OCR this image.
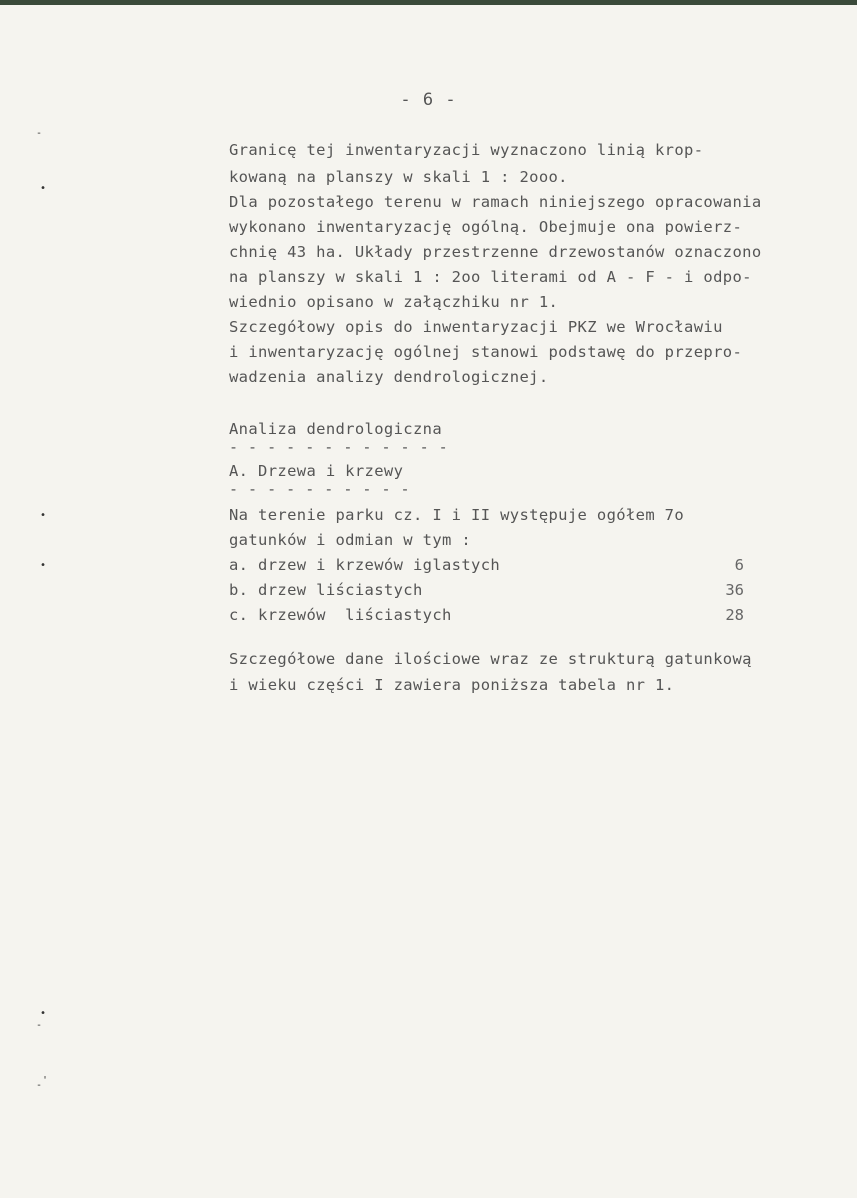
- 6 -
Granicę tej inwentaryzacji wyznaczono linią krop-
kowaną na planszy w skali 1 : 2ooo.
Dla pozostałego terenu w ramach niniejszego opracowania
wykonano inwentaryzację ogólną. Obejmuje ona powierz-
chnię 43 ha. Układy przestrzenne drzewostanów oznaczono
na planszy w skali 1 : 2oo literami od A - F - i odpo-
wiednio opisano w załączhiku nr 1.
Szczegółowy opis do inwentaryzacji PKZ we Wrocławiu
i inwentaryzację ogólnej stanowi podstawę do przepro-
wadzenia analizy dendrologicznej.
Analiza dendrologiczna
- - - - - - - - - - - -
A. Drzewa i krzewy
- - - - - - - - - -
Na terenie parku cz. I i II występuje ogółem 7o
gatunków i odmian w tym :
a. drzew i krzewów iglastych	6
b. drzew liściastych	36
c. krzewów  liściastych	28
Szczegółowe dane ilościowe wraz ze strukturą gatunkową
i wieku części I zawiera poniższa tabela nr 1.
-
•
•
•
•
-
'
-
